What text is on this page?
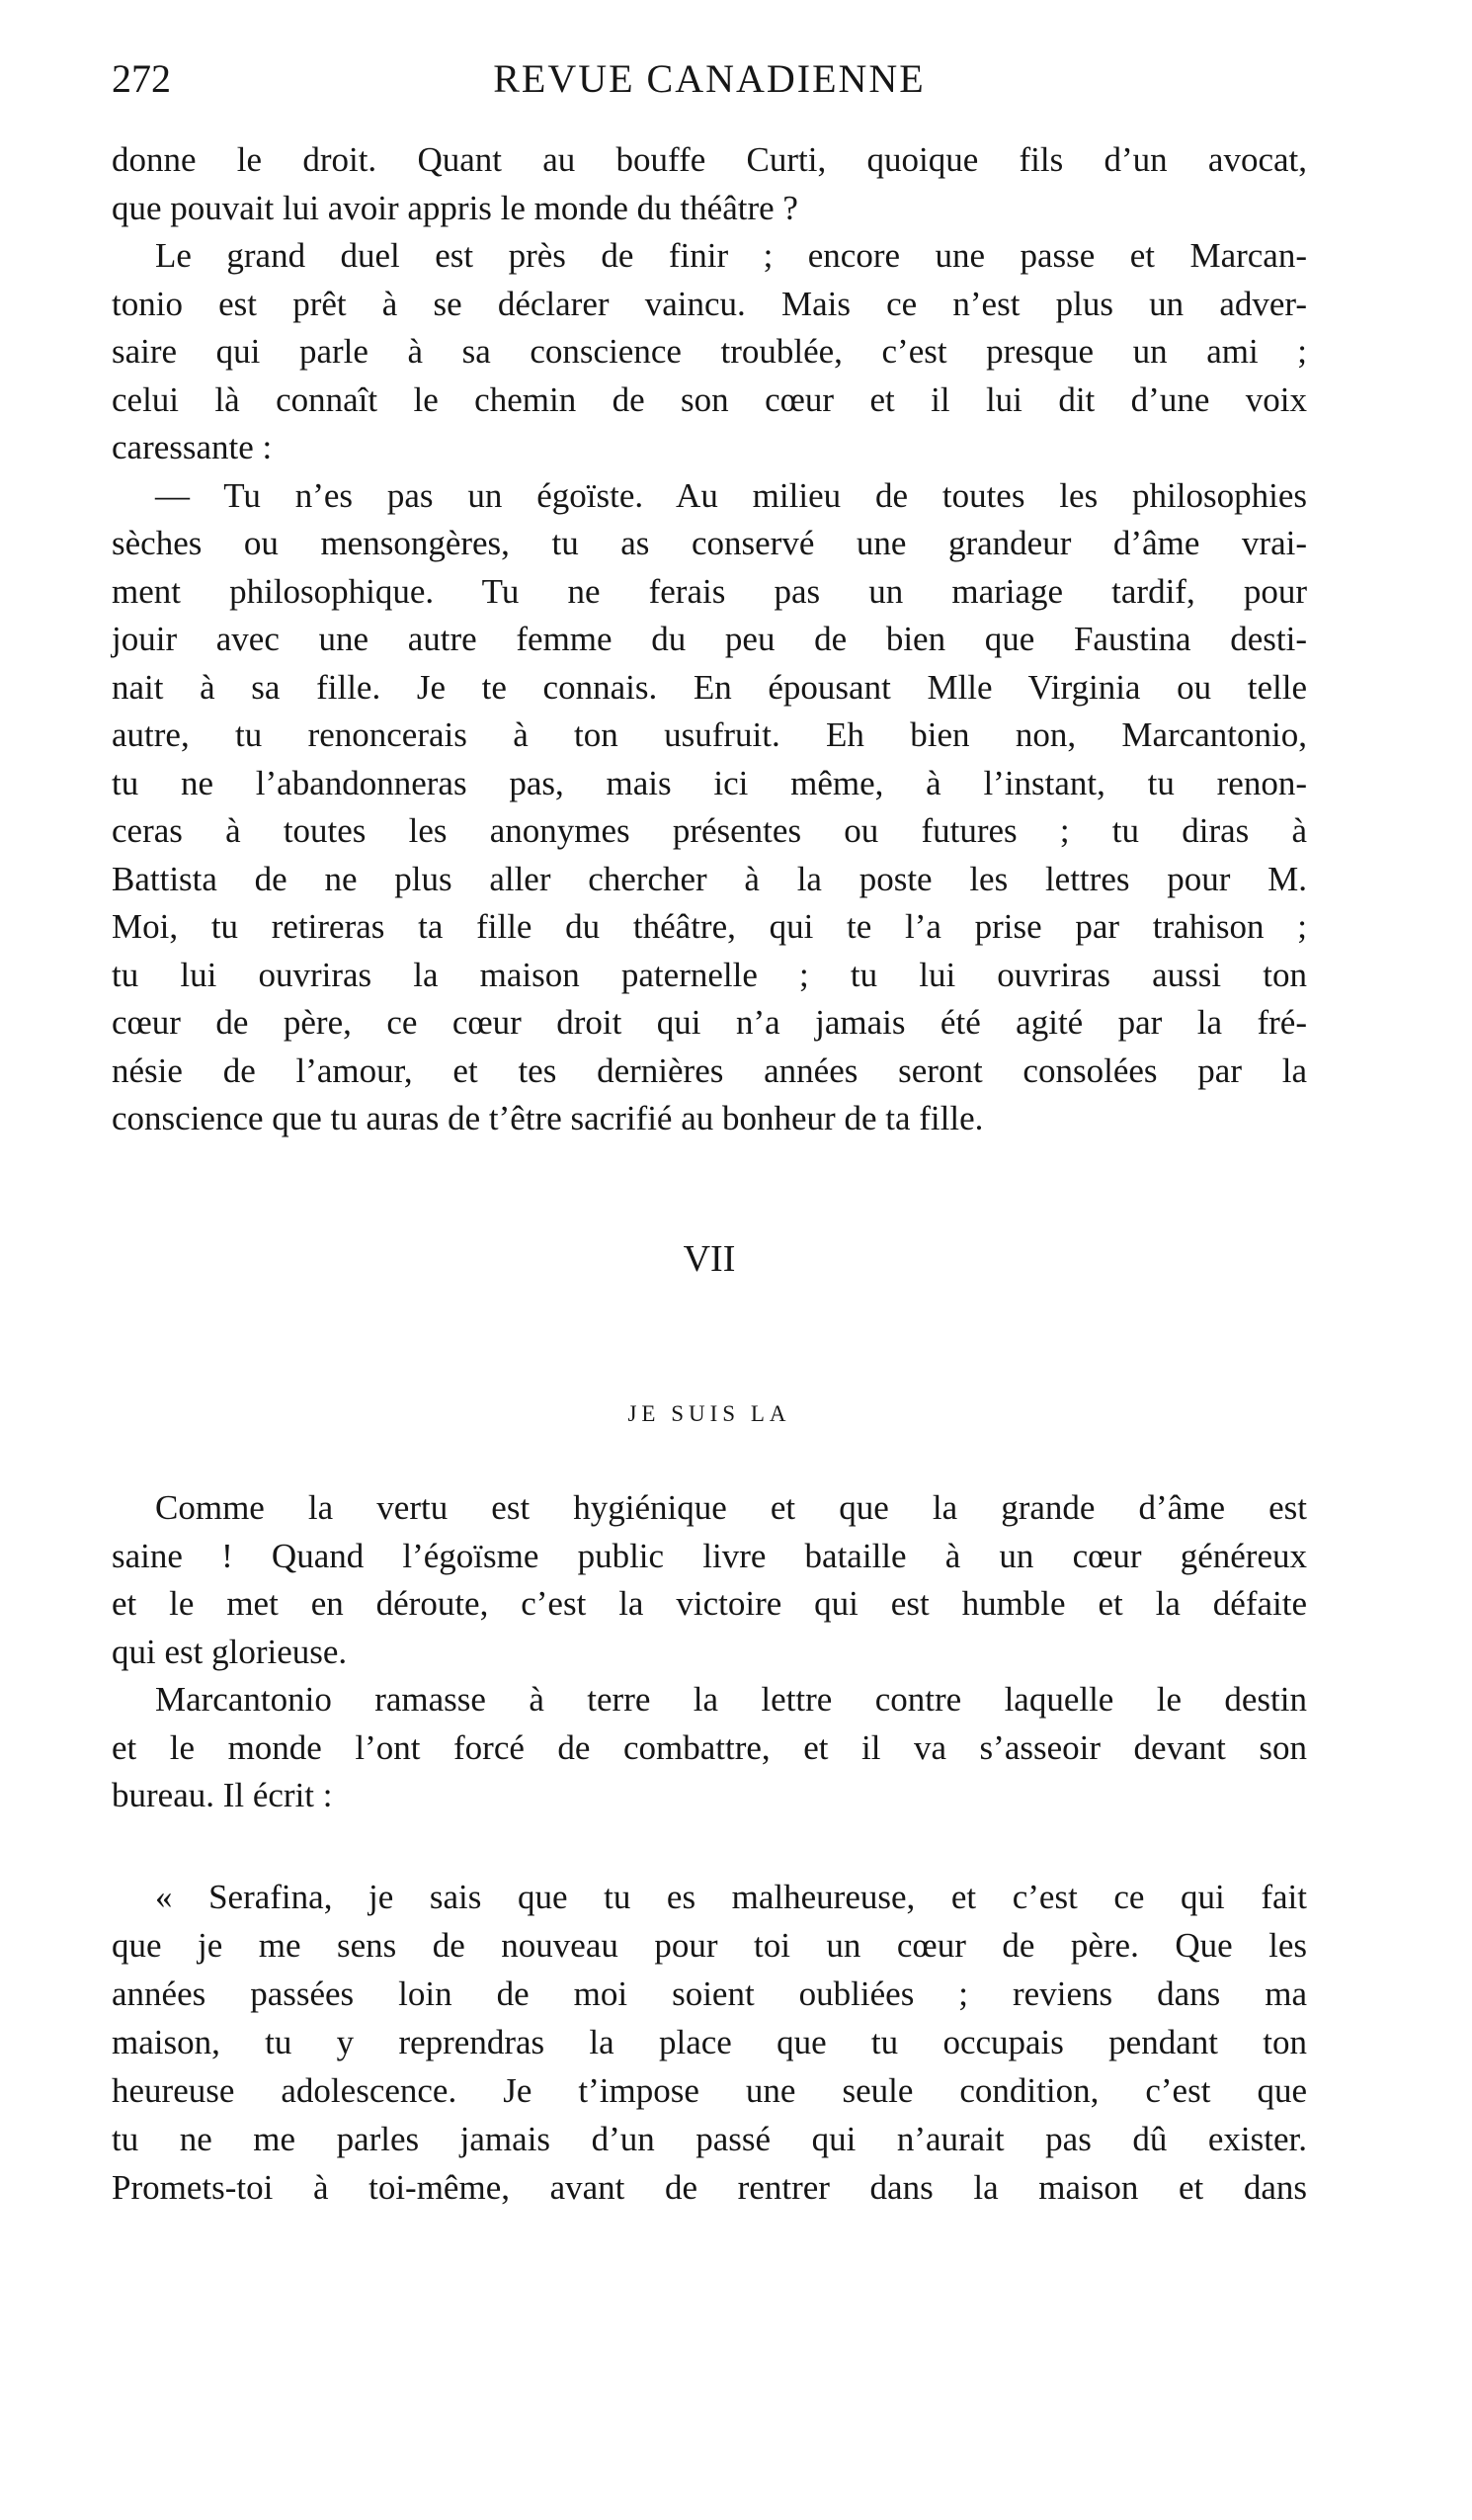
272	REVUE CANADIENNE
donne le droit. Quant au bouffe Curti, quoique fils d’un avocat,
que pouvait lui avoir appris le monde du théâtre ?
Le grand duel est près de finir ; encore une passe et Marcan-
tonio est prêt à se déclarer vaincu. Mais ce n’est plus un adver-
saire qui parle à sa conscience troublée, c’est presque un ami ;
celui là connaît le chemin de son cœur et il lui dit d’une voix
caressante :
— Tu n’es pas un égoïste. Au milieu de toutes les philosophies
sèches ou mensongères, tu as conservé une grandeur d’âme vrai-
ment philosophique. Tu ne ferais pas un mariage tardif, pour
jouir avec une autre femme du peu de bien que Faustina desti-
nait à sa fille. Je te connais. En épousant Mlle Virginia ou telle
autre, tu renoncerais à ton usufruit. Eh bien non, Marcantonio,
tu ne l’abandonneras pas, mais ici même, à l’instant, tu renon-
ceras à toutes les anonymes présentes ou futures ; tu diras à
Battista de ne plus aller chercher à la poste les lettres pour M.
Moi, tu retireras ta fille du théâtre, qui te l’a prise par trahison ;
tu lui ouvriras la maison paternelle ; tu lui ouvriras aussi ton
cœur de père, ce cœur droit qui n’a jamais été agité par la fré-
nésie de l’amour, et tes dernières années seront consolées par la
conscience que tu auras de t’être sacrifié au bonheur de ta fille.
VII
JE SUIS LA
Comme la vertu est hygiénique et que la grande d’âme est
saine ! Quand l’égoïsme public livre bataille à un cœur généreux
et le met en déroute, c’est la victoire qui est humble et la défaite
qui est glorieuse.
Marcantonio ramasse à terre la lettre contre laquelle le destin
et le monde l’ont forcé de combattre, et il va s’asseoir devant son
bureau. Il écrit :
« Serafina, je sais que tu es malheureuse, et c’est ce qui fait
que je me sens de nouveau pour toi un cœur de père. Que les
années passées loin de moi soient oubliées ; reviens dans ma
maison, tu y reprendras la place que tu occupais pendant ton
heureuse adolescence. Je t’impose une seule condition, c’est que
tu ne me parles jamais d’un passé qui n’aurait pas dû exister.
Promets-toi à toi-même, avant de rentrer dans la maison et dans
